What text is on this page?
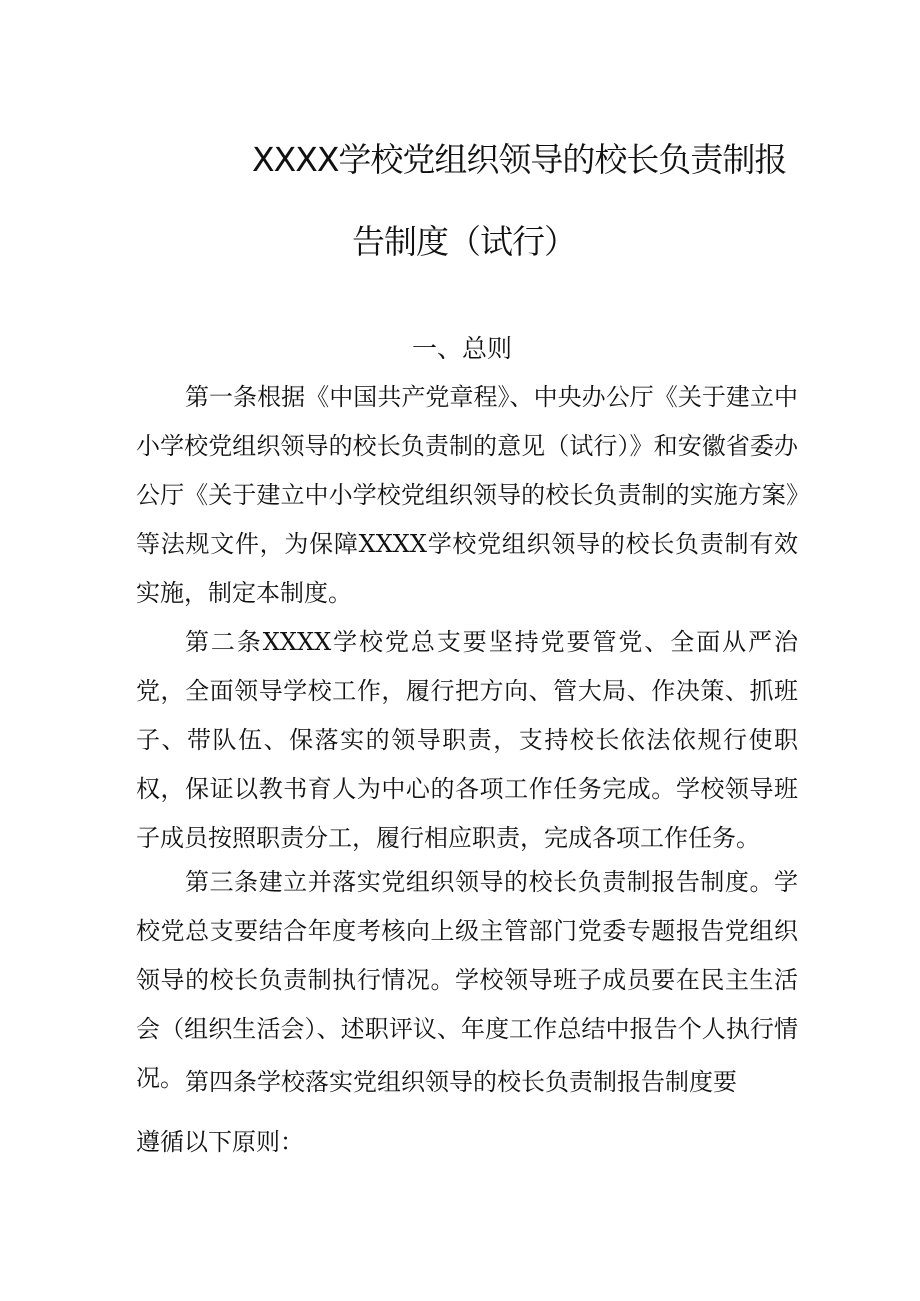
XXXX学校党组织领导的校长负责制报
告制度（试行）
一、总则

第一条根据《中国共产党章程》、中央办公厅《关于建立中小学校党组织领导的校长负责制的意见（试行）》和安徽省委办公厅《关于建立中小学校党组织领导的校长负责制的实施方案》等法规文件，为保障XXXX学校党组织领导的校长负责制有效实施，制定本制度。

第二条XXXX学校党总支要坚持党要管党、全面从严治党，全面领导学校工作，履行把方向、管大局、作决策、抓班子、带队伍、保落实的领导职责，支持校长依法依规行使职权，保证以教书育人为中心的各项工作任务完成。学校领导班子成员按照职责分工，履行相应职责，完成各项工作任务。

第三条建立并落实党组织领导的校长负责制报告制度。学校党总支要结合年度考核向上级主管部门党委专题报告党组织领导的校长负责制执行情况。学校领导班子成员要在民主生活会（组织生活会）、述职评议、年度工作总结中报告个人执行情况。 第四条学校落实党组织领导的校长负责制报告制度要
遵循以下原则：
